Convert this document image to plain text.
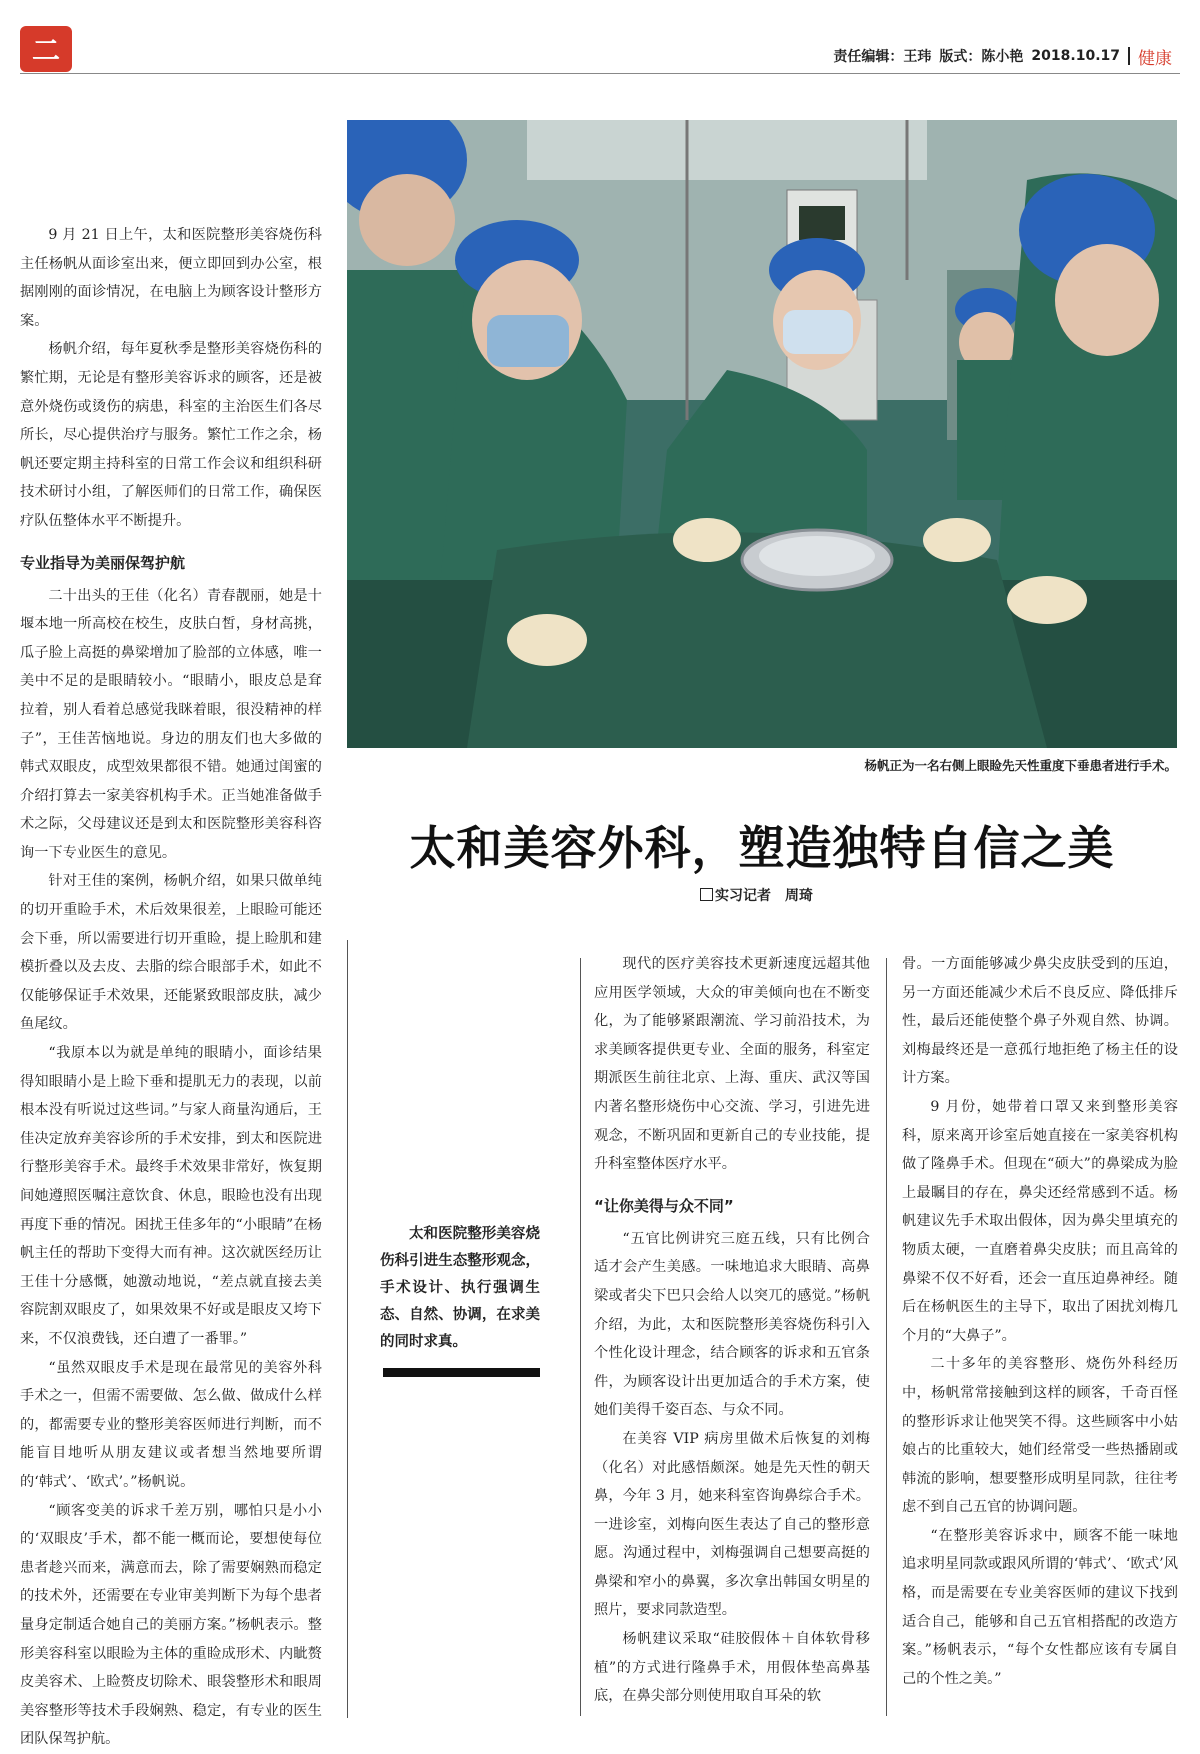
二	责任编辑：王玮 版式：陈小艳 2018.10.17 健康
杨帆正为一名右侧上眼睑先天性重度下垂患者进行手术。
太和美容外科，塑造独特自信之美
实习记者　周琦

9 月 21 日上午，太和医院整形美容烧伤科主任杨帆从面诊室出来，便立即回到办公室，根据刚刚的面诊情况，在电脑上为顾客设计整形方案。

杨帆介绍，每年夏秋季是整形美容烧伤科的繁忙期，无论是有整形美容诉求的顾客，还是被意外烧伤或烫伤的病患，科室的主治医生们各尽所长，尽心提供治疗与服务。繁忙工作之余，杨帆还要定期主持科室的日常工作会议和组织科研技术研讨小组，了解医师们的日常工作，确保医疗队伍整体水平不断提升。

专业指导为美丽保驾护航

二十出头的王佳（化名）青春靓丽，她是十堰本地一所高校在校生，皮肤白皙，身材高挑，瓜子脸上高挺的鼻梁增加了脸部的立体感，唯一美中不足的是眼睛较小。“眼睛小，眼皮总是耷拉着，别人看着总感觉我眯着眼，很没精神的样子”，王佳苦恼地说。身边的朋友们也大多做的韩式双眼皮，成型效果都很不错。她通过闺蜜的介绍打算去一家美容机构手术。正当她准备做手术之际，父母建议还是到太和医院整形美容科咨询一下专业医生的意见。

针对王佳的案例，杨帆介绍，如果只做单纯的切开重睑手术，术后效果很差，上眼睑可能还会下垂，所以需要进行切开重睑，提上睑肌和建模折叠以及去皮、去脂的综合眼部手术，如此不仅能够保证手术效果，还能紧致眼部皮肤，减少鱼尾纹。

“我原本以为就是单纯的眼睛小，面诊结果得知眼睛小是上睑下垂和提肌无力的表现，以前根本没有听说过这些词。”与家人商量沟通后，王佳决定放弃美容诊所的手术安排，到太和医院进行整形美容手术。最终手术效果非常好，恢复期间她遵照医嘱注意饮食、休息，眼睑也没有出现再度下垂的情况。困扰王佳多年的“小眼睛”在杨帆主任的帮助下变得大而有神。这次就医经历让王佳十分感慨，她激动地说，“差点就直接去美容院割双眼皮了，如果效果不好或是眼皮又垮下来，不仅浪费钱，还白遭了一番罪。”

“虽然双眼皮手术是现在最常见的美容外科手术之一，但需不需要做、怎么做、做成什么样的，都需要专业的整形美容医师进行判断，而不能盲目地听从朋友建议或者想当然地要所谓的‘韩式’、‘欧式’。”杨帆说。

“顾客变美的诉求千差万别，哪怕只是小小的‘双眼皮’手术，都不能一概而论，要想使每位患者趁兴而来，满意而去，除了需要娴熟而稳定的技术外，还需要在专业审美判断下为每个患者量身定制适合她自己的美丽方案。”杨帆表示。整形美容科室以眼睑为主体的重睑成形术、内眦赘皮美容术、上睑赘皮切除术、眼袋整形术和眼周美容整形等技术手段娴熟、稳定，有专业的医生团队保驾护航。

太和医院整形美容烧伤科引进生态整形观念，手术设计、执行强调生态、自然、协调，在求美的同时求真。

现代的医疗美容技术更新速度远超其他应用医学领域，大众的审美倾向也在不断变化，为了能够紧跟潮流、学习前沿技术，为求美顾客提供更专业、全面的服务，科室定期派医生前往北京、上海、重庆、武汉等国内著名整形烧伤中心交流、学习，引进先进观念，不断巩固和更新自己的专业技能，提升科室整体医疗水平。

“让你美得与众不同”

“五官比例讲究三庭五线，只有比例合适才会产生美感。一味地追求大眼睛、高鼻梁或者尖下巴只会给人以突兀的感觉。”杨帆介绍，为此，太和医院整形美容烧伤科引入个性化设计理念，结合顾客的诉求和五官条件，为顾客设计出更加适合的手术方案，使她们美得千姿百态、与众不同。

在美容 VIP 病房里做术后恢复的刘梅（化名）对此感悟颇深。她是先天性的朝天鼻，今年 3 月，她来科室咨询鼻综合手术。一进诊室，刘梅向医生表达了自己的整形意愿。沟通过程中，刘梅强调自己想要高挺的鼻梁和窄小的鼻翼，多次拿出韩国女明星的照片，要求同款造型。

杨帆建议采取“硅胶假体＋自体软骨移植”的方式进行隆鼻手术，用假体垫高鼻基底，在鼻尖部分则使用取自耳朵的软

骨。一方面能够减少鼻尖皮肤受到的压迫，另一方面还能减少术后不良反应、降低排斥性，最后还能使整个鼻子外观自然、协调。刘梅最终还是一意孤行地拒绝了杨主任的设计方案。

9 月份，她带着口罩又来到整形美容科，原来离开诊室后她直接在一家美容机构做了隆鼻手术。但现在“硕大”的鼻梁成为脸上最瞩目的存在，鼻尖还经常感到不适。杨帆建议先手术取出假体，因为鼻尖里填充的物质太硬，一直磨着鼻尖皮肤；而且高耸的鼻梁不仅不好看，还会一直压迫鼻神经。随后在杨帆医生的主导下，取出了困扰刘梅几个月的“大鼻子”。

二十多年的美容整形、烧伤外科经历中，杨帆常常接触到这样的顾客，千奇百怪的整形诉求让他哭笑不得。这些顾客中小姑娘占的比重较大，她们经常受一些热播剧或韩流的影响，想要整形成明星同款，往往考虑不到自己五官的协调问题。

“在整形美容诉求中，顾客不能一味地追求明星同款或跟风所谓的‘韩式’、‘欧式’风格，而是需要在专业美容医师的建议下找到适合自己，能够和自己五官相搭配的改造方案。”杨帆表示，“每个女性都应该有专属自己的个性之美。”
